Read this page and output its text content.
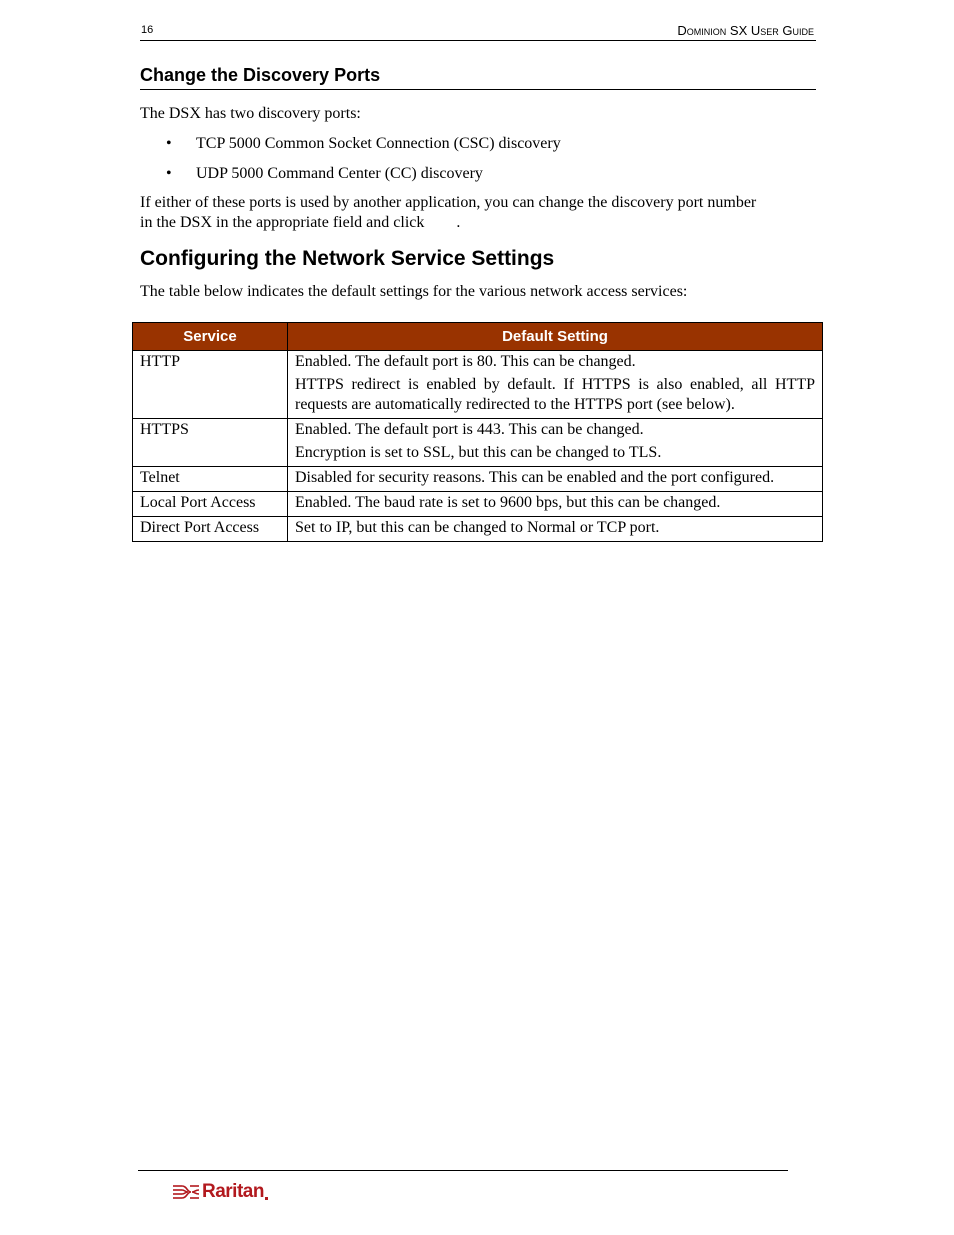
16	Dominion SX User Guide
Change the Discovery Ports
The DSX has two discovery ports:
• TCP 5000 Common Socket Connection (CSC) discovery
• UDP 5000 Command Center (CC) discovery
If either of these ports is used by another application, you can change the discovery port number
in the DSX in the appropriate field and click .
Configuring the Network Service Settings
The table below indicates the default settings for the various network access services:
Service	Default Setting
HTTP	Enabled. The default port is 80. This can be changed.

HTTPS redirect is enabled by default. If HTTPS is also enabled, all HTTP requests are automatically redirected to the HTTPS port (see below).

HTTPS	Enabled. The default port is 443. This can be changed.

Encryption is set to SSL, but this can be changed to TLS.

Telnet	Disabled for security reasons. This can be enabled and the port configured.

Local Port Access	Enabled. The baud rate is set to 9600 bps, but this can be changed.

Direct Port Access	Set to IP, but this can be changed to Normal or TCP port.

Raritan
